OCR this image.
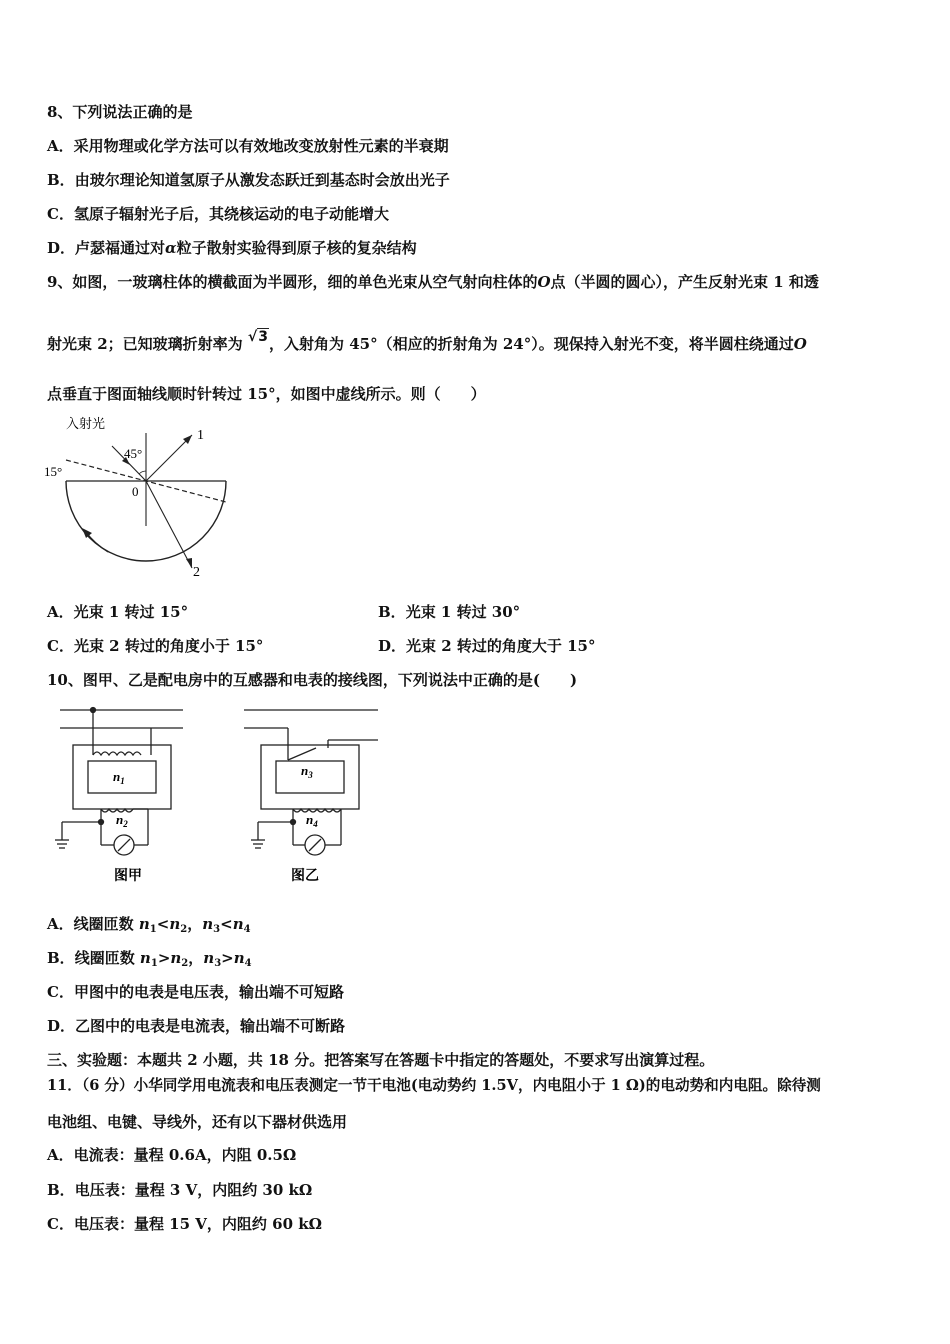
8、下列说法正确的是
A．采用物理或化学方法可以有效地改变放射性元素的半衰期
B．由玻尔理论知道氢原子从激发态跃迁到基态时会放出光子
C．氢原子辐射光子后，其绕核运动的电子动能增大
D．卢瑟福通过对α粒子散射实验得到原子核的复杂结构
9、如图，一玻璃柱体的横截面为半圆形，细的单色光束从空气射向柱体的O点（半圆的圆心），产生反射光束 1 和透
射光束 2；已知玻璃折射率为 √3，入射角为 45°（相应的折射角为 24°）。现保持入射光不变，将半圆柱绕通过O
点垂直于图面轴线顺时针转过 15°，如图中虚线所示。则（　　）
入射光
45°
15°
0
1
2
A．光束 1 转过 15°	B．光束 1 转过 30°
C．光束 2 转过的角度小于 15°	D．光束 2 转过的角度大于 15°
10、图甲、乙是配电房中的互感器和电表的接线图，下列说法中正确的是(　　)
$n_1$
$n_2$
$n_3$
$n_4$
图甲	图乙
A．线圈匝数 $n_1<n_2$，$n_3<n_4$
B．线圈匝数 $n_1>n_2$，$n_3>n_4$
C．甲图中的电表是电压表，输出端不可短路
D．乙图中的电表是电流表，输出端不可断路
三、实验题：本题共 2 小题，共 18 分。把答案写在答题卡中指定的答题处，不要求写出演算过程。
11．（6 分）小华同学用电流表和电压表测定一节干电池(电动势约 1.5V，内电阻小于 1 Ω)的电动势和内电阻。除待测
电池组、电键、导线外，还有以下器材供选用
A．电流表：量程 0.6A，内阻 0.5Ω
B．电压表：量程 3 V，内阻约 30 kΩ
C．电压表：量程 15 V，内阻约 60 kΩ
